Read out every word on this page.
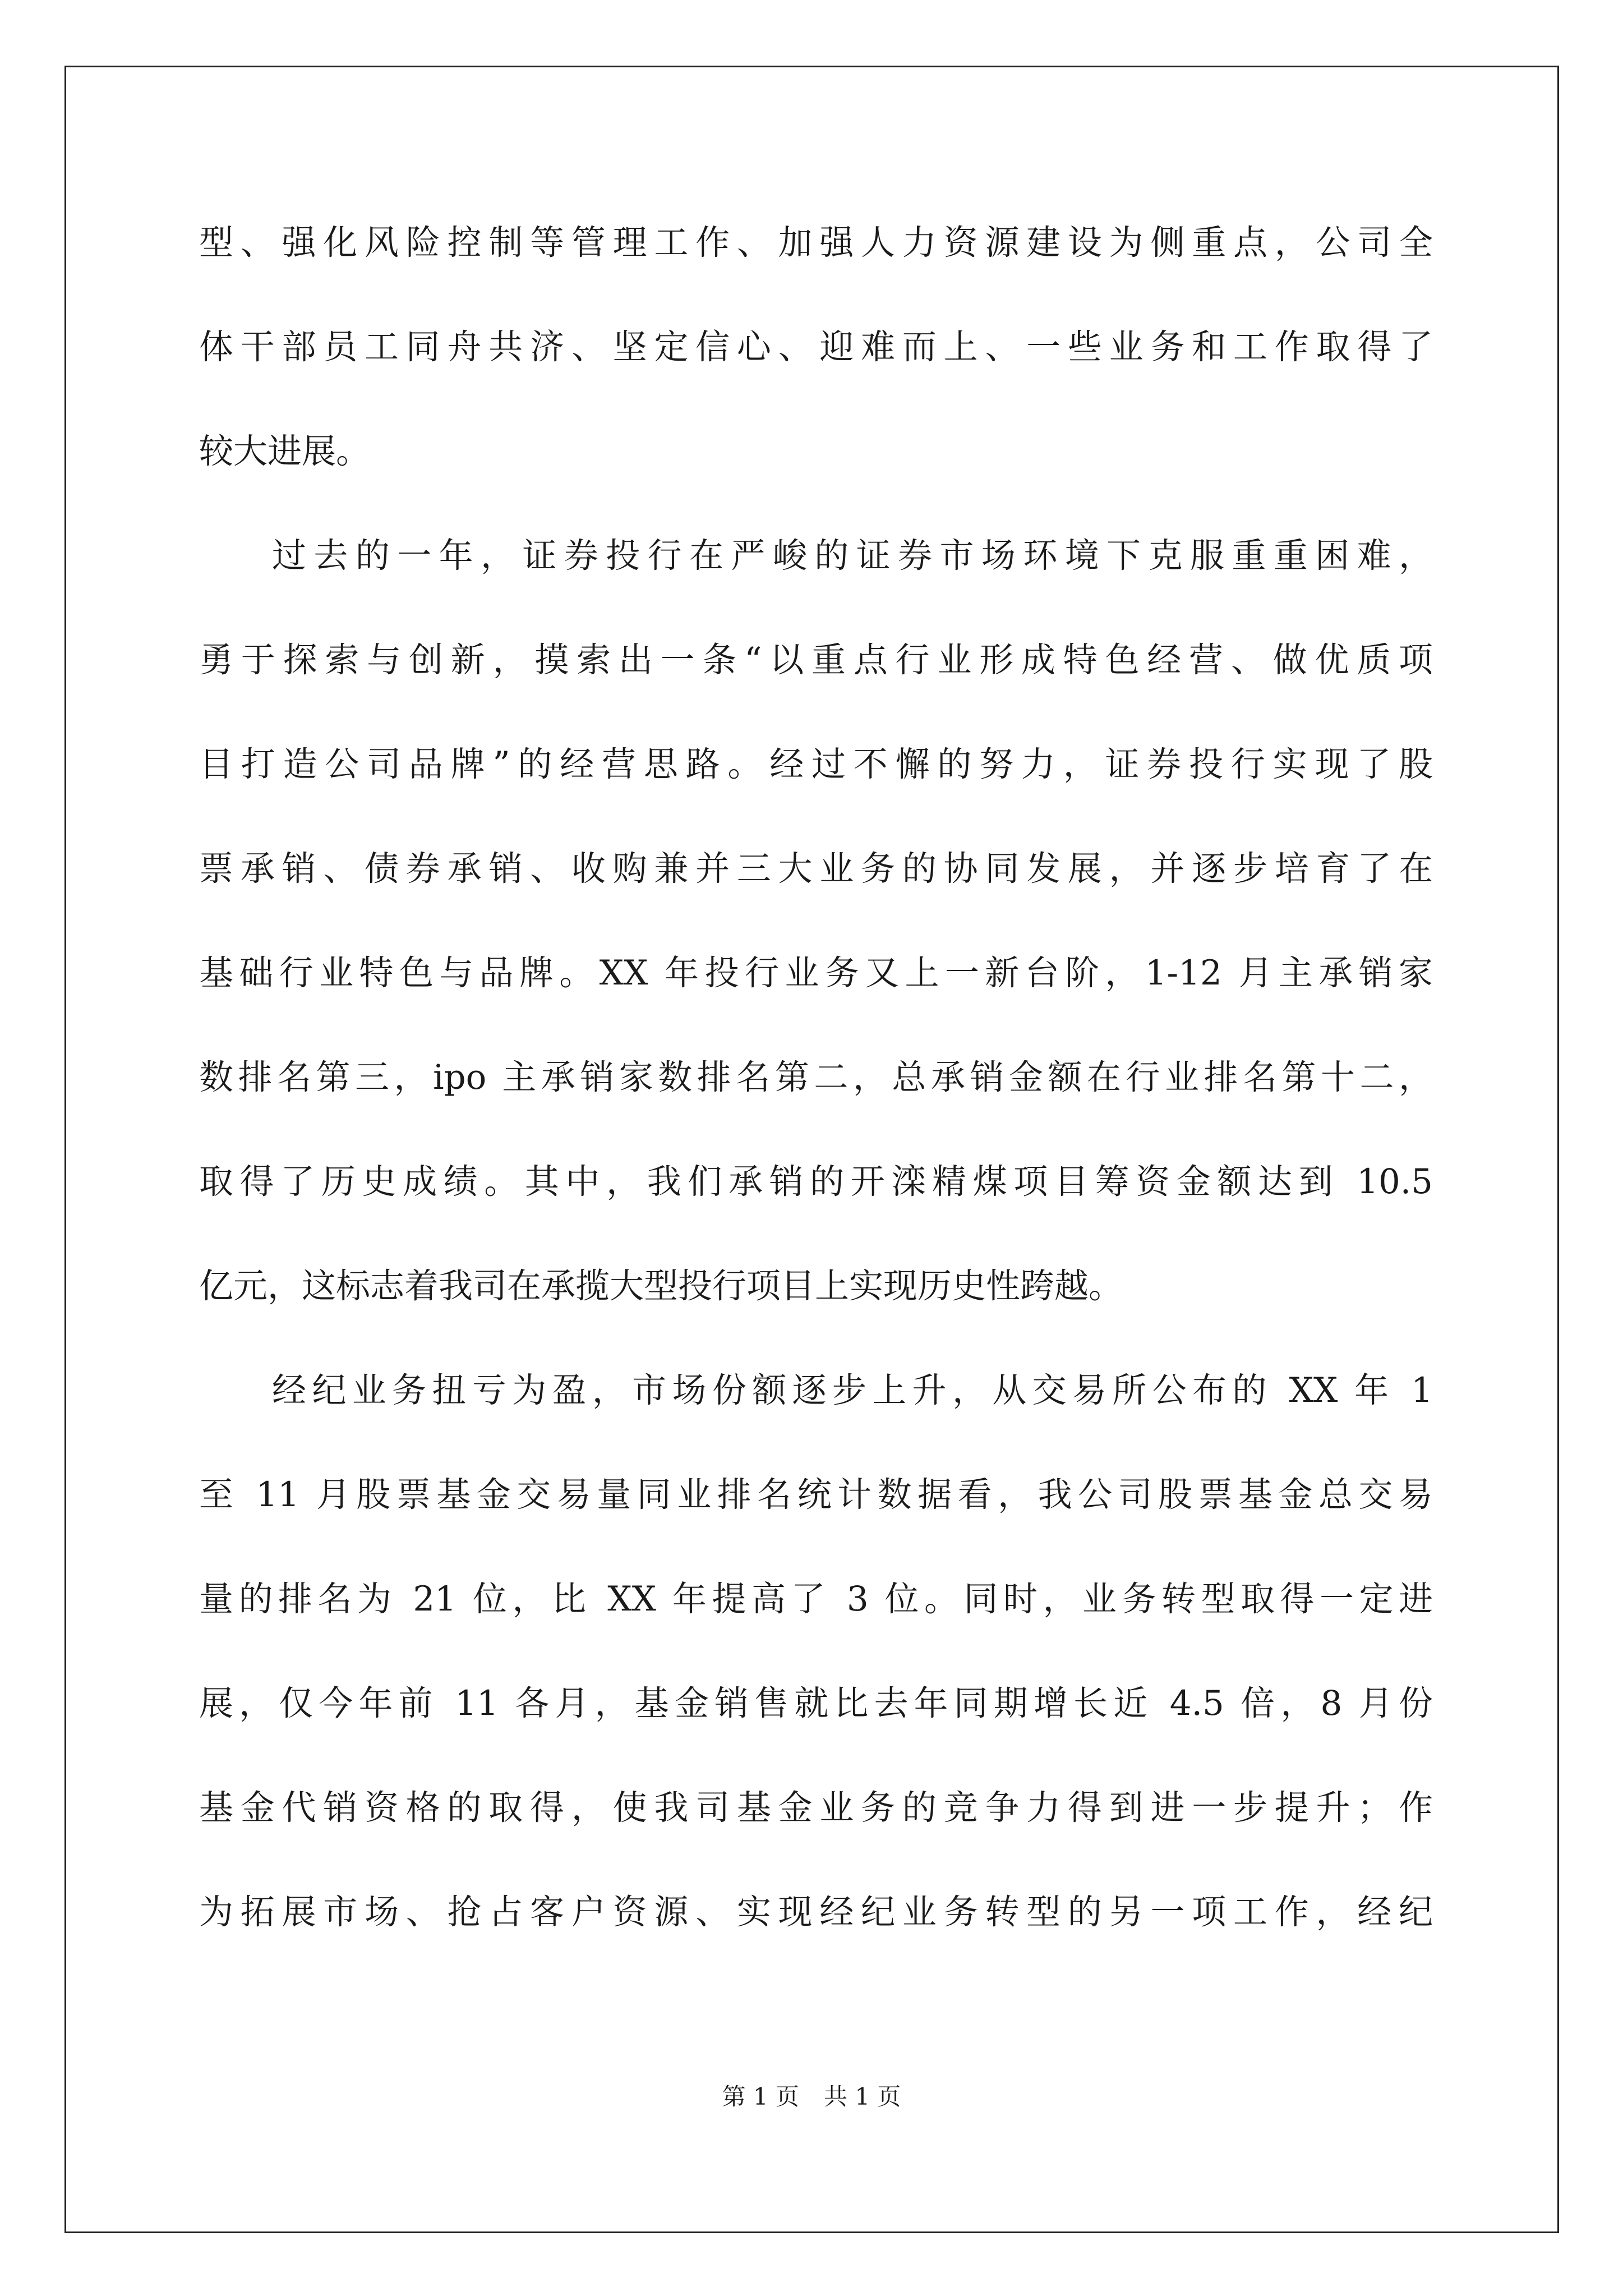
型、强化风险控制等管理工作、加强人力资源建设为侧重点，公司全
体干部员工同舟共济、坚定信心、迎难而上、一些业务和工作取得了
较大进展。
过去的一年，证券投行在严峻的证券市场环境下克服重重困难，
勇于探索与创新，摸索出一条“以重点行业形成特色经营、做优质项
目打造公司品牌”的经营思路。经过不懈的努力，证券投行实现了股
票承销、债券承销、收购兼并三大业务的协同发展，并逐步培育了在
基础行业特色与品牌。XX 年投行业务又上一新台阶，1-12 月主承销家
数排名第三，ipo 主承销家数排名第二，总承销金额在行业排名第十二，
取得了历史成绩。其中，我们承销的开滦精煤项目筹资金额达到 10.5
亿元，这标志着我司在承揽大型投行项目上实现历史性跨越。
经纪业务扭亏为盈，市场份额逐步上升，从交易所公布的 XX 年 1
至 11 月股票基金交易量同业排名统计数据看，我公司股票基金总交易
量的排名为 21 位，比 XX 年提高了 3 位。同时，业务转型取得一定进
展，仅今年前 11 各月，基金销售就比去年同期增长近 4.5 倍，8 月份
基金代销资格的取得，使我司基金业务的竞争力得到进一步提升；作
为拓展市场、抢占客户资源、实现经纪业务转型的另一项工作，经纪
第 1 页 共 1 页
